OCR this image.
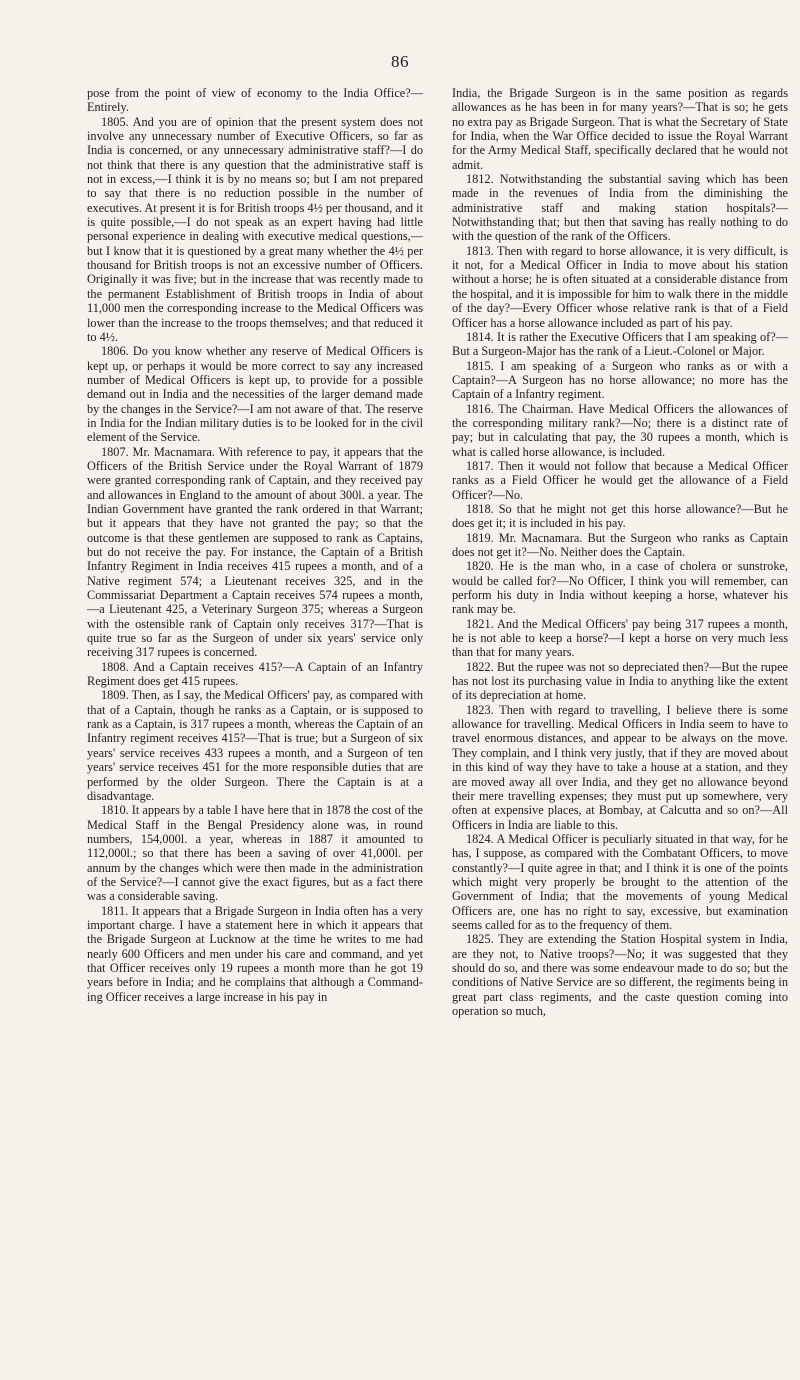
86

pose from the point of view of economy to the India Office?—Entirely.

1805. And you are of opinion that the present system does not involve any unnecessary number of Executive Officers, so far as India is concerned, or any unnecessary administrative staff?—I do not think that there is any question that the administrative staff is not in excess,—I think it is by no means so; but I am not prepared to say that there is no reduction possible in the number of executives. At present it is for British troops 4½ per thousand, and it is quite possible,—I do not speak as an expert having had little personal experience in dealing with executive medical questions,—but I know that it is questioned by a great many whether the 4½ per thousand for British troops is not an excessive number of Officers. Originally it was five; but in the increase that was recently made to the permanent Establishment of British troops in India of about 11,000 men the corresponding increase to the Medical Officers was lower than the increase to the troops themselves; and that reduced it to 4½.

1806. Do you know whether any reserve of Medical Officers is kept up, or perhaps it would be more correct to say any increased number of Medical Officers is kept up, to provide for a possible demand out in India and the necessities of the larger demand made by the changes in the Service?—I am not aware of that. The reserve in India for the Indian military duties is to be looked for in the civil element of the Service.

1807. Mr. Macnamara. With reference to pay, it appears that the Officers of the British Service under the Royal Warrant of 1879 were granted corresponding rank of Captain, and they received pay and allowances in England to the amount of about 300l. a year. The Indian Government have granted the rank ordered in that Warrant; but it appears that they have not granted the pay; so that the outcome is that these gentlemen are supposed to rank as Captains, but do not receive the pay. For instance, the Captain of a British Infantry Regiment in India receives 415 rupees a month, and of a Native regiment 574; a Lieutenant receives 325, and in the Commissariat Department a Captain receives 574 rupees a month,—a Lieutenant 425, a Veterinary Surgeon 375; whereas a Surgeon with the ostensible rank of Captain only receives 317?—That is quite true so far as the Surgeon of under six years' service only receiving 317 rupees is concerned.

1808. And a Captain receives 415?—A Captain of an Infantry Regiment does get 415 rupees.

1809. Then, as I say, the Medical Officers' pay, as compared with that of a Captain, though he ranks as a Captain, or is supposed to rank as a Captain, is 317 rupees a month, whereas the Captain of an Infantry regiment receives 415?—That is true; but a Surgeon of six years' service receives 433 rupees a month, and a Surgeon of ten years' service receives 451 for the more responsible duties that are performed by the older Surgeon. There the Captain is at a disadvantage.

1810. It appears by a table I have here that in 1878 the cost of the Medical Staff in the Bengal Presidency alone was, in round numbers, 154,000l. a year, whereas in 1887 it amounted to 112,000l.; so that there has been a saving of over 41,000l. per annum by the changes which were then made in the administration of the Service?—I cannot give the exact figures, but as a fact there was a considerable saving.

1811. It appears that a Brigade Surgeon in India often has a very important charge. I have a statement here in which it appears that the Brigade Surgeon at Lucknow at the time he writes to me had nearly 600 Officers and men under his care and command, and yet that Officer receives only 19 rupees a month more than he got 19 years before in India; and he complains that although a Command-ing Officer receives a large increase in his pay in

India, the Brigade Surgeon is in the same position as regards allowances as he has been in for many years?—That is so; he gets no extra pay as Brigade Surgeon. That is what the Secretary of State for India, when the War Office decided to issue the Royal Warrant for the Army Medical Staff, specifically declared that he would not admit.

1812. Notwithstanding the substantial saving which has been made in the revenues of India from the diminishing the administrative staff and making station hospitals?—Notwithstanding that; but then that saving has really nothing to do with the question of the rank of the Officers.

1813. Then with regard to horse allowance, it is very difficult, is it not, for a Medical Officer in India to move about his station without a horse; he is often situated at a considerable distance from the hospital, and it is impossible for him to walk there in the middle of the day?—Every Officer whose relative rank is that of a Field Officer has a horse allowance included as part of his pay.

1814. It is rather the Executive Officers that I am speaking of?—But a Surgeon-Major has the rank of a Lieut.-Colonel or Major.

1815. I am speaking of a Surgeon who ranks as or with a Captain?—A Surgeon has no horse allowance; no more has the Captain of a Infantry regiment.

1816. The Chairman. Have Medical Officers the allowances of the corresponding military rank?—No; there is a distinct rate of pay; but in calculating that pay, the 30 rupees a month, which is what is called horse allowance, is included.

1817. Then it would not follow that because a Medical Officer ranks as a Field Officer he would get the allowance of a Field Officer?—No.

1818. So that he might not get this horse allowance?—But he does get it; it is included in his pay.

1819. Mr. Macnamara. But the Surgeon who ranks as Captain does not get it?—No. Neither does the Captain.

1820. He is the man who, in a case of cholera or sunstroke, would be called for?—No Officer, I think you will remember, can perform his duty in India without keeping a horse, whatever his rank may be.

1821. And the Medical Officers' pay being 317 rupees a month, he is not able to keep a horse?—I kept a horse on very much less than that for many years.

1822. But the rupee was not so depreciated then?—But the rupee has not lost its purchasing value in India to anything like the extent of its depreciation at home.

1823. Then with regard to travelling, I believe there is some allowance for travelling. Medical Officers in India seem to have to travel enormous distances, and appear to be always on the move. They complain, and I think very justly, that if they are moved about in this kind of way they have to take a house at a station, and they are moved away all over India, and they get no allowance beyond their mere travelling expenses; they must put up somewhere, very often at expensive places, at Bombay, at Calcutta and so on?—All Officers in India are liable to this.

1824. A Medical Officer is peculiarly situated in that way, for he has, I suppose, as compared with the Combatant Officers, to move constantly?—I quite agree in that; and I think it is one of the points which might very properly be brought to the attention of the Government of India; that the movements of young Medical Officers are, one has no right to say, excessive, but examination seems called for as to the frequency of them.

1825. They are extending the Station Hospital system in India, are they not, to Native troops?—No; it was suggested that they should do so, and there was some endeavour made to do so; but the conditions of Native Service are so different, the regiments being in great part class regiments, and the caste question coming into operation so much,
